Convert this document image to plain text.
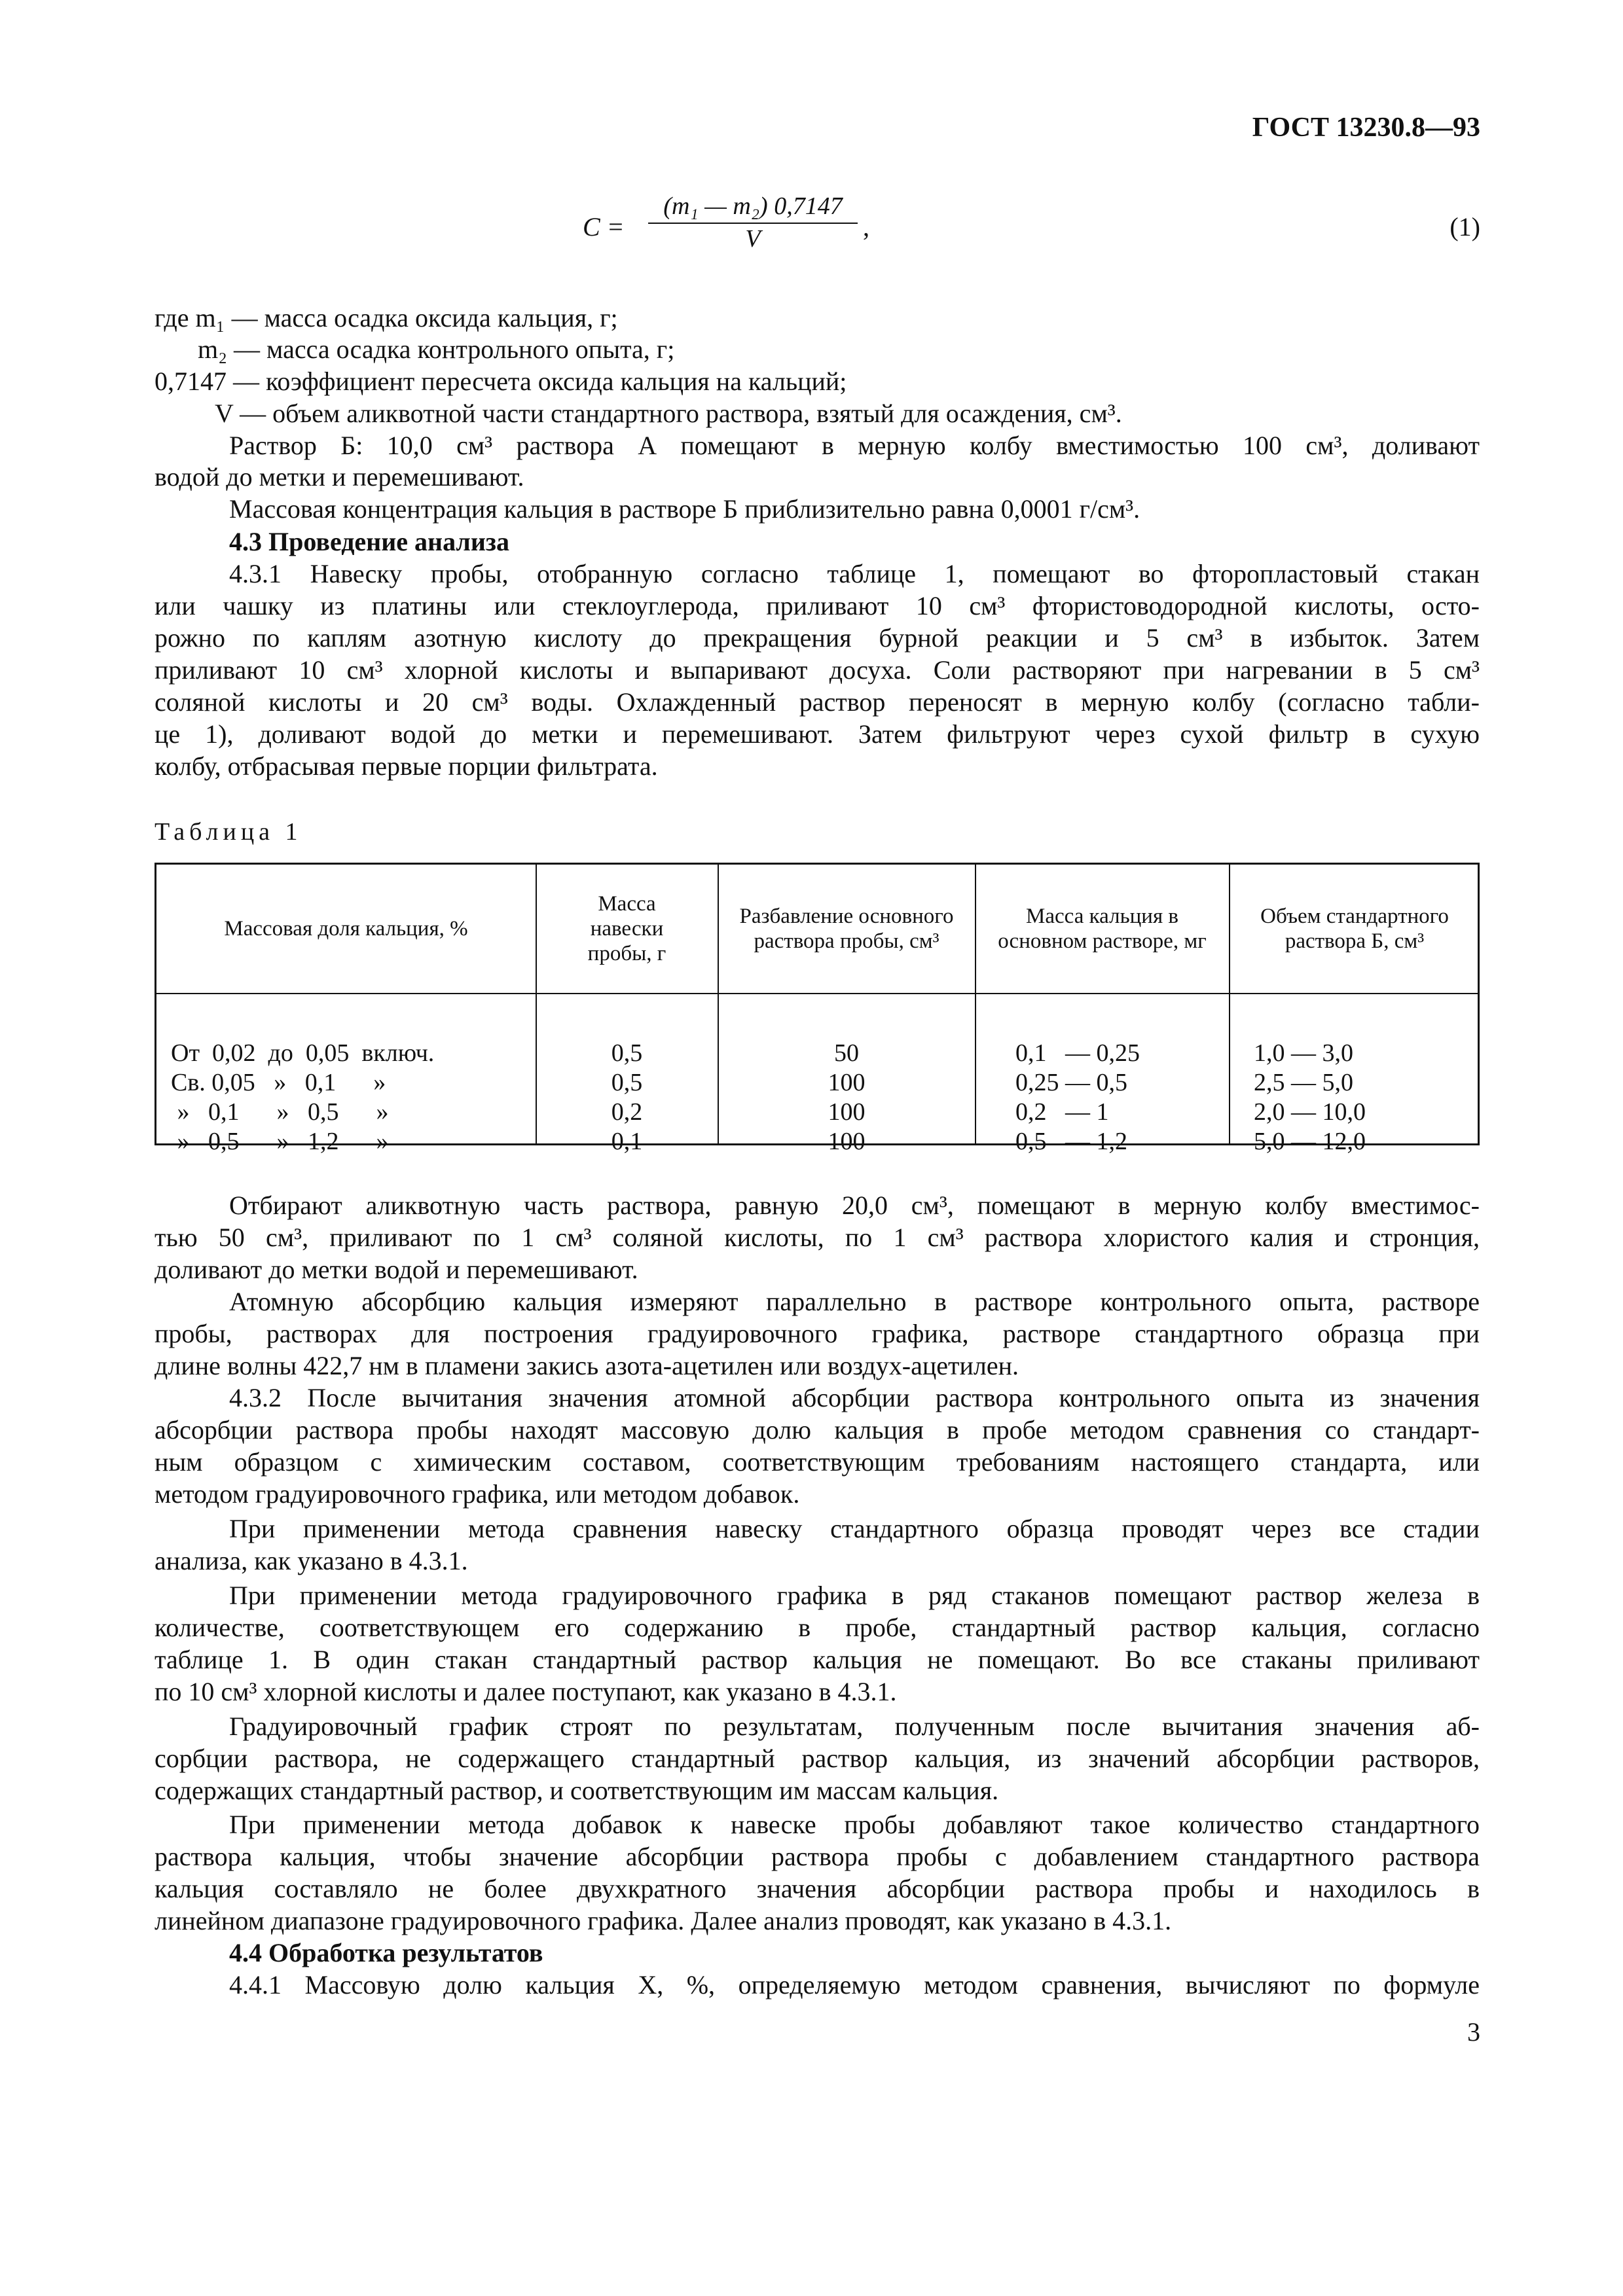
ГОСТ 13230.8—93
C =
(m₁ — m₂) 0,7147
V	,	(1)
где m₁ — масса осадка оксида кальция, г;
m₂ — масса осадка контрольного опыта, г;
0,7147 — коэффициент пересчета оксида кальция на кальций;
V — объем аликвотной части стандартного раствора, взятый для осаждения, см³.
Раствор Б: 10,0 см³ раствора А помещают в мерную колбу вместимостью 100 см³, доливают
водой до метки и перемешивают.
Массовая концентрация кальция в растворе Б приблизительно равна 0,0001 г/см³.
4.3 Проведение анализа
4.3.1 Навеску пробы, отобранную согласно таблице 1, помещают во фторопластовый стакан
или чашку из платины или стеклоуглерода, приливают 10 см³ фтористоводородной кислоты, осто-
рожно по каплям азотную кислоту до прекращения бурной реакции и 5 см³ в избыток. Затем
приливают 10 см³ хлорной кислоты и выпаривают досуха. Соли растворяют при нагревании в 5 см³
соляной кислоты и 20 см³ воды. Охлажденный раствор переносят в мерную колбу (согласно табли-
це 1), доливают водой до метки и перемешивают. Затем фильтруют через сухой фильтр в сухую
колбу, отбрасывая первые порции фильтрата.
Таблица 1
Массовая доля кальция, %
Масса навески пробы, г
Разбавление основного раствора пробы, см³
Масса кальция в основном растворе, мг
Объем стандартного раствора Б, см³
От  0,02  до  0,05  включ.
Св. 0,05   »   0,1      »
»   0,1      »   0,5      »
»   0,5      »   1,2      »
0,5
0,5
0,2
0,1
50
100
100
100
0,1   — 0,25
0,25 — 0,5
0,2   — 1
0,5   — 1,2
1,0 — 3,0
2,5 — 5,0
2,0 — 10,0
5,0 — 12,0
Отбирают аликвотную часть раствора, равную 20,0 см³, помещают в мерную колбу вместимос-
тью 50 см³, приливают по 1 см³ соляной кислоты, по 1 см³ раствора хлористого калия и стронция,
доливают до метки водой и перемешивают.
Атомную абсорбцию кальция измеряют параллельно в растворе контрольного опыта, растворе
пробы, растворах для построения градуировочного графика, растворе стандартного образца при
длине волны 422,7 нм в пламени закись азота-ацетилен или воздух-ацетилен.
4.3.2 После вычитания значения атомной абсорбции раствора контрольного опыта из значения
абсорбции раствора пробы находят массовую долю кальция в пробе методом сравнения со стандарт-
ным образцом с химическим составом, соответствующим требованиям настоящего стандарта, или
методом градуировочного графика, или методом добавок.
При применении метода сравнения навеску стандартного образца проводят через все стадии
анализа, как указано в 4.3.1.
При применении метода градуировочного графика в ряд стаканов помещают раствор железа в
количестве, соответствующем его содержанию в пробе, стандартный раствор кальция, согласно
таблице 1. В один стакан стандартный раствор кальция не помещают. Во все стаканы приливают
по 10 см³ хлорной кислоты и далее поступают, как указано в 4.3.1.
Градуировочный график строят по результатам, полученным после вычитания значения аб-
сорбции раствора, не содержащего стандартный раствор кальция, из значений абсорбции растворов,
содержащих стандартный раствор, и соответствующим им массам кальция.
При применении метода добавок к навеске пробы добавляют такое количество стандартного
раствора кальция, чтобы значение абсорбции раствора пробы с добавлением стандартного раствора
кальция составляло не более двухкратного значения абсорбции раствора пробы и находилось в
линейном диапазоне градуировочного графика. Далее анализ проводят, как указано в 4.3.1.
4.4 Обработка результатов
4.4.1 Массовую долю кальция X, %, определяемую методом сравнения, вычисляют по формуле
3
